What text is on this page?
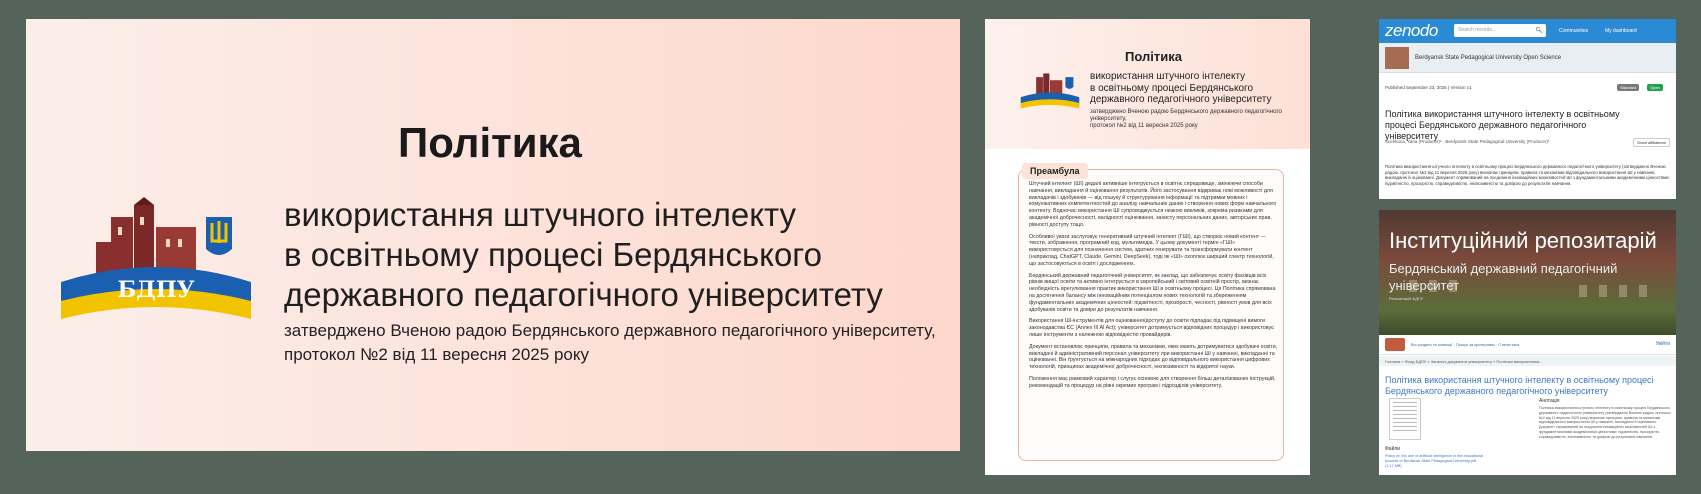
БДПУ
Політика
використання штучного інтелекту
в освітньому процесі Бердянського
державного педагогічного університету
затверджено Вченою радою Бердянського державного педагогічного університету,
протокол №2 від 11 вересня 2025 року
Політика
використання штучного інтелекту
в освітньому процесі Бердянського
державного педагогічного університету
затверджено Вченою радою Бердянського державного педагогічного університету,
протокол №2 від 11 вересня 2025 року
Преамбула

Штучний інтелект (ШІ) дедалі активніше інтегрується в освітнє середовище, змінюючи способи навчання, викладання й оцінювання результатів. Його застосування відкриває нові можливості для викладачів і здобувачів — від пошуку й структурування інформації та підтримки мовних і комунікативних компетентностей до аналізу навчальних даних і створення нових форм навчального контенту. Водночас використання ШІ супроводжується низкою викликів, зокрема ризиками для академічної доброчесності, валідності оцінювання, захисту персональних даних, авторських прав, рівності доступу тощо.

Особливої уваги заслуговує генеративний штучний інтелект (ГШІ), що створює новий контент — тексти, зображення, програмний код, мультимедіа. У цьому документі термін «ГШІ» використовується для позначення систем, здатних генерувати та трансформувати контент (наприклад, ChatGPT, Claude, Gemini, DeepSeek), тоді як «ШІ» охоплює ширший спектр технологій, що застосовуються в освіті і дослідженнях.

Бердянський державний педагогічний університет, як заклад, що забезпечує освіту фахівців всіх рівнів вищої освіти та активно інтегрується в європейський і світовий освітній простір, визнає необхідність врегулювання практик використання ШІ в освітньому процесі. Ця Політика спрямована на досягнення балансу між інноваційним потенціалом нових технологій та збереженням фундаментальних академічних цінностей: підзвітності, прозорості, чесності, рівності умов для всіх здобувачів освіти та довіри до результатів навчання.

Використання ШІ-інструментів для оцінювання/доступу до освіти підпадає під підвищені вимоги законодавства ЄС (Annex III AI Act); університет дотримується відповідних процедур і використовує лише інструменти з належною відповідністю провайдерів.

Документ встановлює принципи, правила та механізми, яких мають дотримуватися здобувачі освіти, викладачі й адміністративний персонал університету при використанні ШІ у навчанні, викладанні та оцінюванні. Він ґрунтується на міжнародних підходах до відповідального використання цифрових технологій, принципах академічної доброчесності, інклюзивності та відкритої науки.

Положення має рамковий характер і слугує основою для створення більш деталізованих інструкцій, рекомендацій та процедур на рівні окремих програм і підрозділів університету.

zenodo	Search records...	🔍︎	Communities	My dashboard
Berdyansk State Pedagogical University Open Science
Published September 23, 2025 | Version v1	Standard	Open
Політика використання штучного інтелекту в освітньому процесі Бердянського державного педагогічного університету
Suchkova, Yana (Producer)¹ · Berdyansk State Pedagogical University (Producer)¹	Show affiliations
Політика використання штучного інтелекту в освітньому процесі Бердянського державного педагогічного університету (затверджено Вченою радою, протокол №2 від 11 вересня 2025 року) визначає принципи, правила та механізми відповідального використання ШІ у навчанні, викладанні й оцінюванні. Документ спрямований на поєднання інноваційних можливостей ШІ з фундаментальними академічними цінностями: підзвітністю, прозорістю, справедливістю, інклюзивністю та довірою до результатів навчання.
Інституційний репозитарій
Бердянський державний педагогічний університет
Репозитарій БДПУ
Всі розділи та колекції · Пошук за критеріями · Статистика	Увійти
Головна » Фонд БДПУ » Загальні документи університету » Політика використання...
Політика використання штучного інтелекту в освітньому процесі Бердянського державного педагогічного університету
Анотація
Політика використання штучного інтелекту в освітньому процесі Бердянського державного педагогічного університету (затверджено Вченою радою, протокол №2 від 11 вересня 2025 року) визначає принципи, правила та механізми відповідального використання ШІ у навчанні, викладанні й оцінюванні. Документ спрямований на поєднання інноваційних можливостей ШІ з фундаментальними академічними цінностями: підзвітністю, прозорістю, справедливістю, інклюзивністю та довірою до результатів навчання.
Файли
Policy on the use of artificial intelligence in the educational process of Berdiansk State Pedagogical University.pdf (1.17 MB)
